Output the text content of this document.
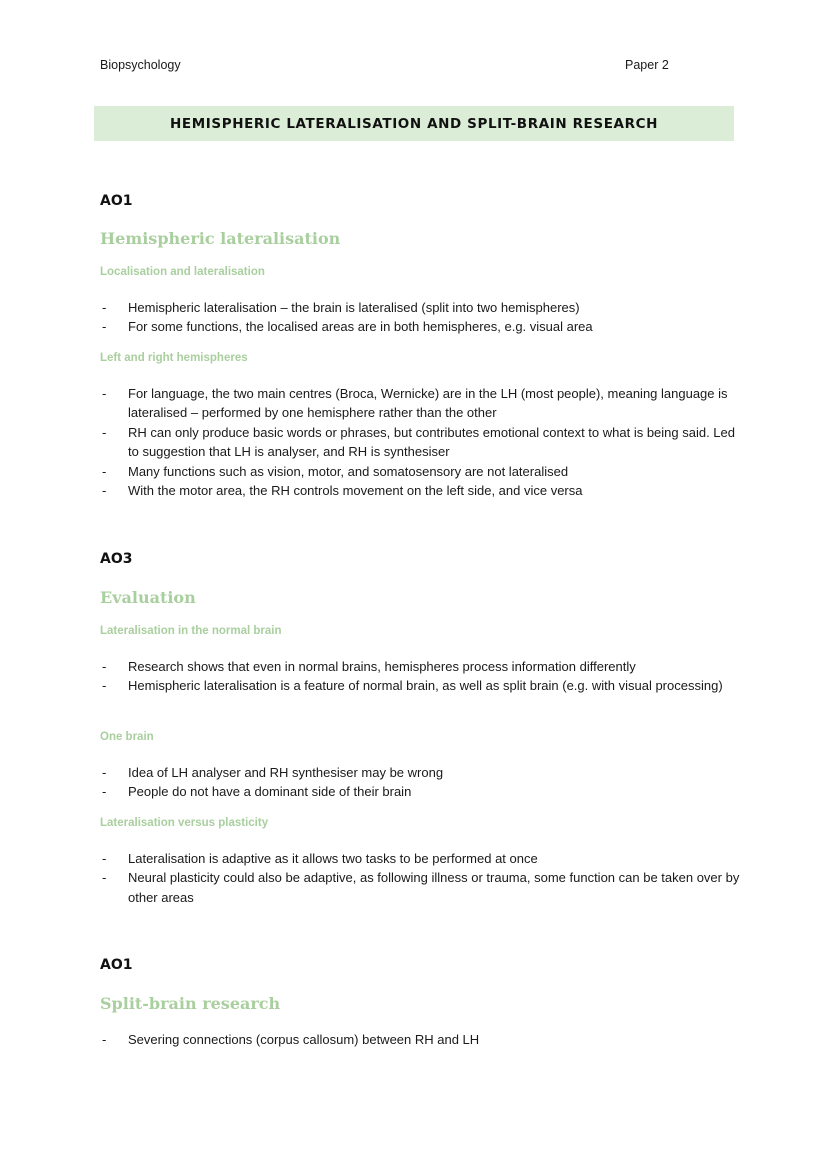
Biopsychology	Paper 2
HEMISPHERIC LATERALISATION AND SPLIT-BRAIN RESEARCH
AO1
Hemispheric lateralisation
Localisation and lateralisation
- Hemispheric lateralisation – the brain is lateralised (split into two hemispheres)
- For some functions, the localised areas are in both hemispheres, e.g. visual area
Left and right hemispheres
- For language, the two main centres (Broca, Wernicke) are in the LH (most people), meaning language is lateralised – performed by one hemisphere rather than the other
- RH can only produce basic words or phrases, but contributes emotional context to what is being said. Led to suggestion that LH is analyser, and RH is synthesiser
- Many functions such as vision, motor, and somatosensory are not lateralised
- With the motor area, the RH controls movement on the left side, and vice versa
AO3
Evaluation
Lateralisation in the normal brain
- Research shows that even in normal brains, hemispheres process information differently
- Hemispheric lateralisation is a feature of normal brain, as well as split brain (e.g. with visual processing)
One brain
- Idea of LH analyser and RH synthesiser may be wrong
- People do not have a dominant side of their brain
Lateralisation versus plasticity
- Lateralisation is adaptive as it allows two tasks to be performed at once
- Neural plasticity could also be adaptive, as following illness or trauma, some function can be taken over by other areas
AO1
Split-brain research
- Severing connections (corpus callosum) between RH and LH
